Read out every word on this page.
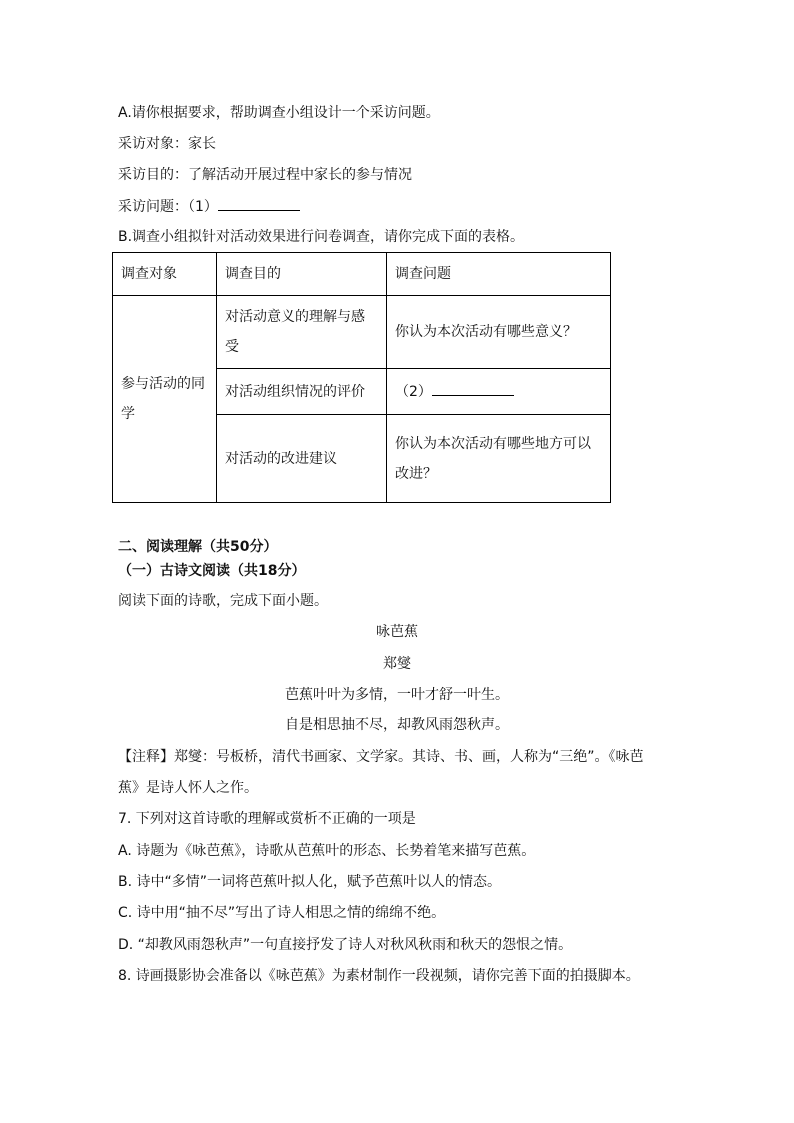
A.请你根据要求，帮助调查小组设计一个采访问题。
采访对象：家长
采访目的：了解活动开展过程中家长的参与情况
采访问题：（1）
B.调查小组拟针对活动效果进行问卷调查，请你完成下面的表格。
调查对象	调查目的	调查问题
参与活动的同学	对活动意义的理解与感受	你认为本次活动有哪些意义？
	对活动组织情况的评价	（2）
	对活动的改进建议	你认为本次活动有哪些地方可以改进？
二、阅读理解（共50分）
（一）古诗文阅读（共18分）
阅读下面的诗歌，完成下面小题。
咏芭蕉
郑燮
芭蕉叶叶为多情，一叶才舒一叶生。
自是相思抽不尽，却教风雨怨秋声。
【注释】郑燮：号板桥，清代书画家、文学家。其诗、书、画，人称为“三绝”。《咏芭
蕉》是诗人怀人之作。
7. 下列对这首诗歌的理解或赏析不正确的一项是
A. 诗题为《咏芭蕉》，诗歌从芭蕉叶的形态、长势着笔来描写芭蕉。
B. 诗中“多情”一词将芭蕉叶拟人化，赋予芭蕉叶以人的情态。
C. 诗中用“抽不尽”写出了诗人相思之情的绵绵不绝。
D. “却教风雨怨秋声”一句直接抒发了诗人对秋风秋雨和秋天的怨恨之情。
8. 诗画摄影协会准备以《咏芭蕉》为素材制作一段视频，请你完善下面的拍摄脚本。
